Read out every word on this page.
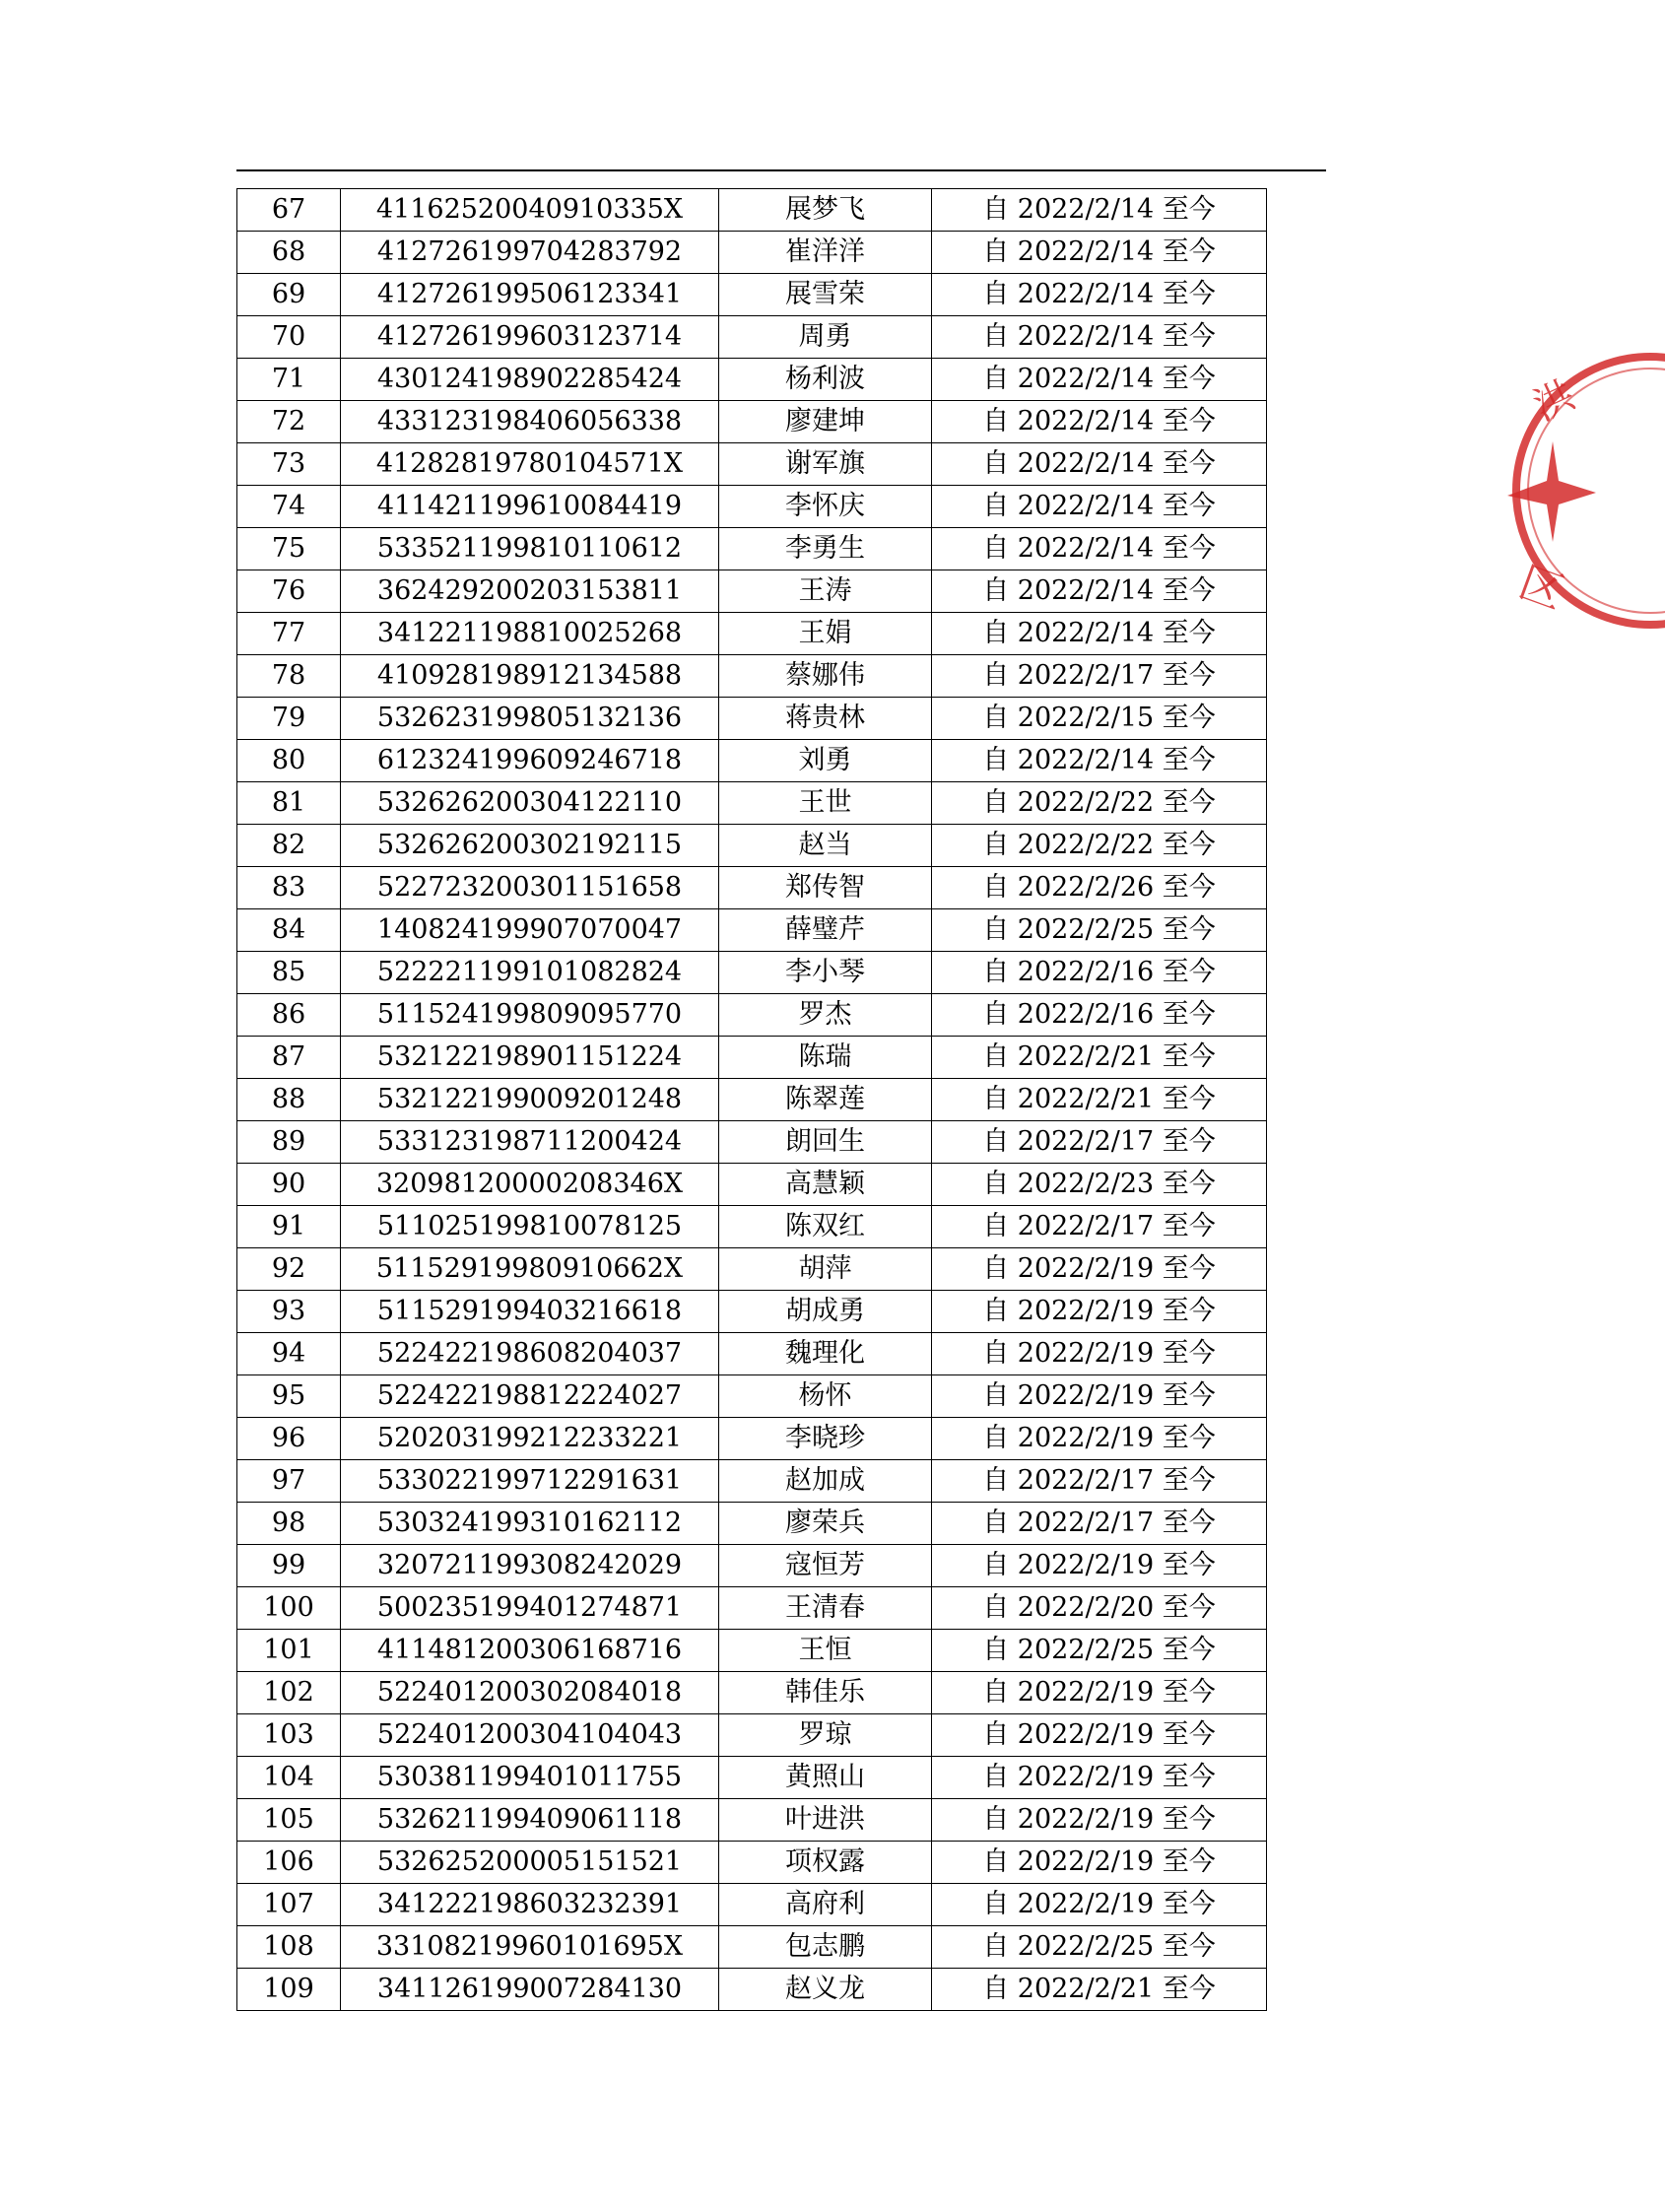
67	41162520040910335X	展梦飞	自 2022/2/14 至今
68	412726199704283792	崔洋洋	自 2022/2/14 至今
69	412726199506123341	展雪荣	自 2022/2/14 至今
70	412726199603123714	周勇	自 2022/2/14 至今
71	430124198902285424	杨利波	自 2022/2/14 至今
72	433123198406056338	廖建坤	自 2022/2/14 至今
73	41282819780104571X	谢军旗	自 2022/2/14 至今
74	411421199610084419	李怀庆	自 2022/2/14 至今
75	533521199810110612	李勇生	自 2022/2/14 至今
76	362429200203153811	王涛	自 2022/2/14 至今
77	341221198810025268	王娟	自 2022/2/14 至今
78	410928198912134588	蔡娜伟	自 2022/2/17 至今
79	532623199805132136	蒋贵林	自 2022/2/15 至今
80	612324199609246718	刘勇	自 2022/2/14 至今
81	532626200304122110	王世	自 2022/2/22 至今
82	532626200302192115	赵当	自 2022/2/22 至今
83	522723200301151658	郑传智	自 2022/2/26 至今
84	140824199907070047	薛璧芹	自 2022/2/25 至今
85	522221199101082824	李小琴	自 2022/2/16 至今
86	511524199809095770	罗杰	自 2022/2/16 至今
87	532122198901151224	陈瑞	自 2022/2/21 至今
88	532122199009201248	陈翠莲	自 2022/2/21 至今
89	533123198711200424	朗回生	自 2022/2/17 至今
90	32098120000208346X	高慧颖	自 2022/2/23 至今
91	511025199810078125	陈双红	自 2022/2/17 至今
92	51152919980910662X	胡萍	自 2022/2/19 至今
93	511529199403216618	胡成勇	自 2022/2/19 至今
94	522422198608204037	魏理化	自 2022/2/19 至今
95	522422198812224027	杨怀	自 2022/2/19 至今
96	520203199212233221	李晓珍	自 2022/2/19 至今
97	533022199712291631	赵加成	自 2022/2/17 至今
98	530324199310162112	廖荣兵	自 2022/2/17 至今
99	320721199308242029	寇恒芳	自 2022/2/19 至今
100	500235199401274871	王清春	自 2022/2/20 至今
101	411481200306168716	王恒	自 2022/2/25 至今
102	522401200302084018	韩佳乐	自 2022/2/19 至今
103	522401200304104043	罗琼	自 2022/2/19 至今
104	530381199401011755	黄照山	自 2022/2/19 至今
105	532621199409061118	叶进洪	自 2022/2/19 至今
106	532625200005151521	项权露	自 2022/2/19 至今
107	341222198603232391	高府利	自 2022/2/19 至今
108	33108219960101695X	包志鹏	自 2022/2/25 至今
109	341126199007284130	赵义龙	自 2022/2/21 至今
洪
区
